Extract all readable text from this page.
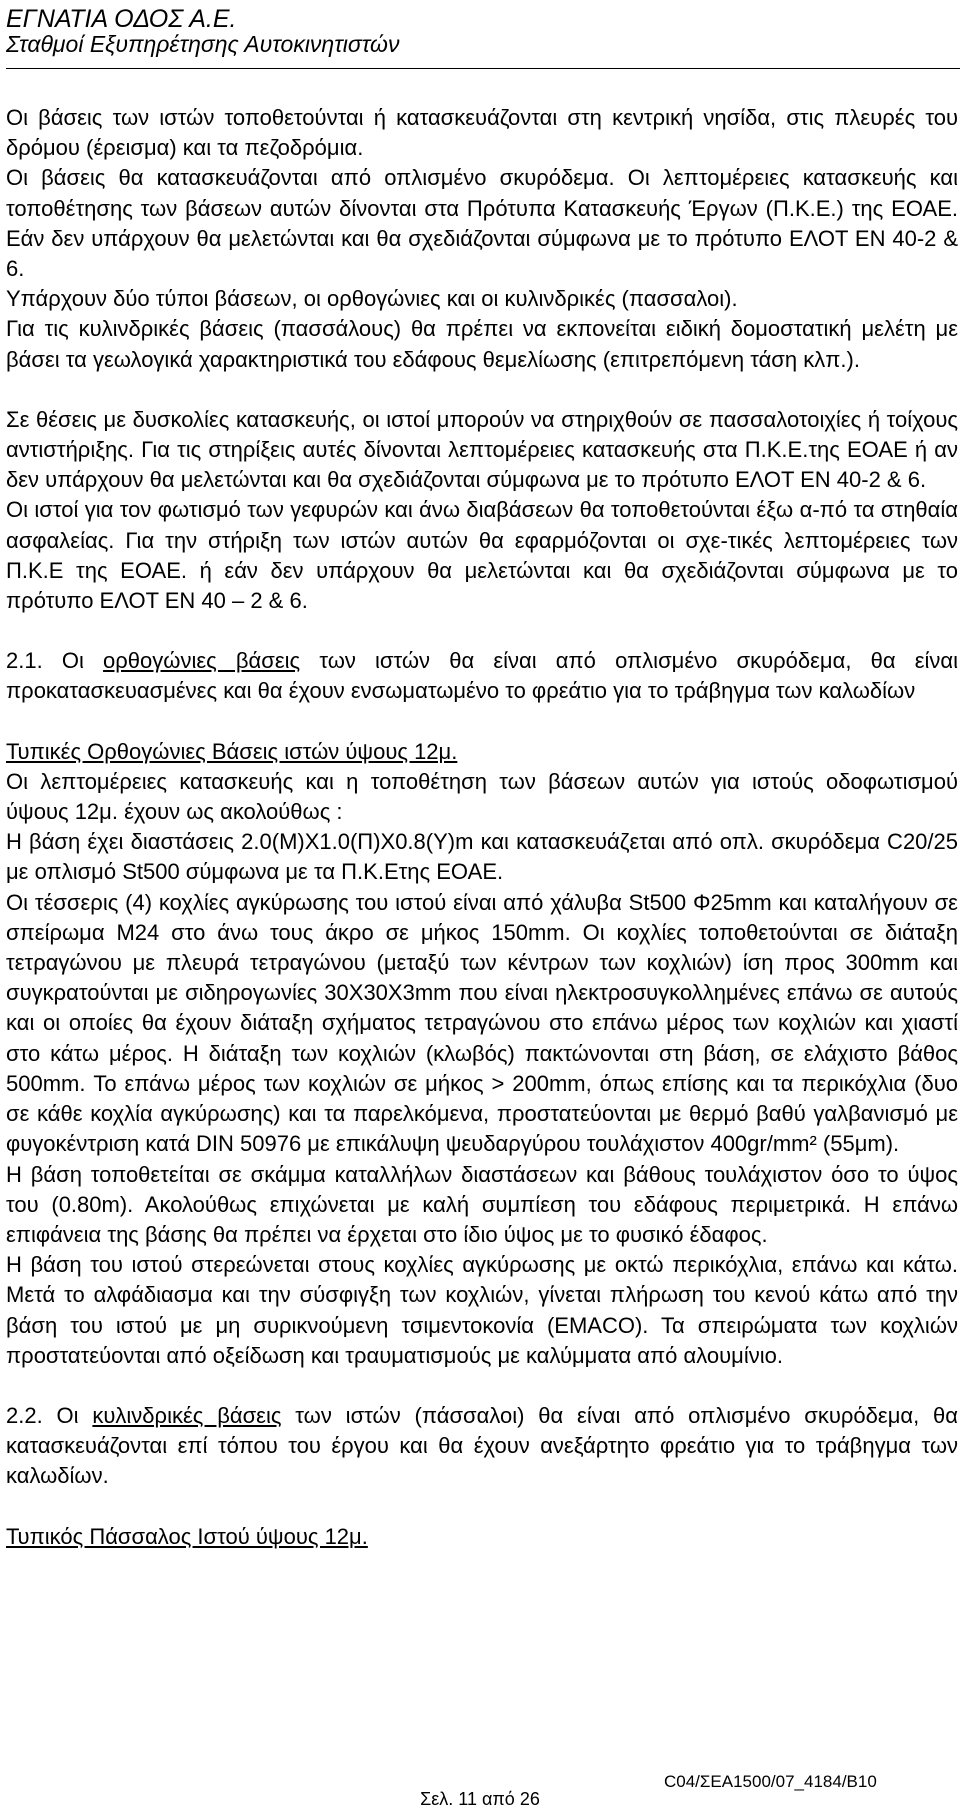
ΕΓΝΑΤΙΑ ΟΔΟΣ Α.Ε.
Σταθμοί Εξυπηρέτησης Αυτοκινητιστών

Οι βάσεις των ιστών τοποθετούνται ή κατασκευάζονται στη κεντρική νησίδα, στις πλευρές του δρόμου (έρεισμα) και τα πεζοδρόμια.

Οι βάσεις θα κατασκευάζονται από οπλισμένο σκυρόδεμα. Οι λεπτομέρειες κατασκευής και τοποθέτησης των βάσεων αυτών δίνονται στα Πρότυπα Κατασκευής Έργων (Π.Κ.Ε.) της ΕΟΑΕ. Εάν δεν υπάρχουν θα μελετώνται και θα σχεδιάζονται σύμφωνα με το πρότυπο ΕΛΟΤ ΕΝ 40-2 & 6.

Υπάρχουν δύο τύποι βάσεων, οι ορθογώνιες και οι κυλινδρικές (πασσαλοι).

Για τις κυλινδρικές βάσεις (πασσάλους) θα πρέπει να εκπονείται ειδική δομοστατική μελέτη με βάσει τα γεωλογικά χαρακτηριστικά του εδάφους θεμελίωσης (επιτρεπόμενη τάση κλπ.).

Σε θέσεις με δυσκολίες κατασκευής, οι ιστοί μπορούν να στηριχθούν σε πασσαλοτοιχίες ή τοίχους αντιστήριξης. Για τις στηρίξεις αυτές δίνονται λεπτομέρειες κατασκευής στα Π.Κ.Ε.της ΕΟΑΕ ή αν δεν υπάρχουν θα μελετώνται και θα σχεδιάζονται σύμφωνα με το πρότυπο ΕΛΟΤ ΕΝ 40-2 & 6.

Οι ιστοί για τον φωτισμό των γεφυρών και άνω διαβάσεων θα τοποθετούνται έξω α-πό τα στηθαία ασφαλείας. Για την στήριξη των ιστών αυτών θα εφαρμόζονται οι σχε-τικές λεπτομέρειες των Π.Κ.Ε της ΕΟΑΕ. ή εάν δεν υπάρχουν θα μελετώνται και θα σχεδιάζονται σύμφωνα με το πρότυπο ΕΛΟΤ ΕΝ 40 – 2 & 6.

2.1. Οι ορθογώνιες βάσεις των ιστών θα είναι από οπλισμένο σκυρόδεμα, θα είναι προκατασκευασμένες και θα έχουν ενσωματωμένο το φρεάτιο για το τράβηγμα των καλωδίων

Τυπικές Ορθογώνιες Βάσεις ιστών ύψους 12μ.

Οι λεπτομέρειες κατασκευής και η τοποθέτηση των βάσεων αυτών για ιστούς οδοφωτισμού ύψους 12μ. έχουν ως ακολούθως :

Η βάση έχει διαστάσεις 2.0(Μ)Χ1.0(Π)Χ0.8(Υ)m και κατασκευάζεται από οπλ. σκυρόδεμα C20/25 με οπλισμό St500 σύμφωνα με τα Π.Κ.Ετης ΕΟΑΕ.

Οι τέσσερις (4) κοχλίες αγκύρωσης του ιστού είναι από χάλυβα St500 Φ25mm και καταλήγουν σε σπείρωμα Μ24 στο άνω τους άκρο σε μήκος 150mm. Οι κοχλίες τοποθετούνται σε διάταξη τετραγώνου με πλευρά τετραγώνου (μεταξύ των κέντρων των κοχλιών) ίση προς 300mm και συγκρατούνται με σιδηρογωνίες 30Χ30Χ3mm που είναι ηλεκτροσυγκολλημένες επάνω σε αυτούς και οι οποίες θα έχουν διάταξη σχήματος τετραγώνου στο επάνω μέρος των κοχλιών και χιαστί στο κάτω μέρος. Η διάταξη των κοχλιών (κλωβός) πακτώνονται στη βάση, σε ελάχιστο βάθος 500mm. Το επάνω μέρος των κοχλιών σε μήκος > 200mm, όπως επίσης και τα περικόχλια (δυο σε κάθε κοχλία αγκύρωσης) και τα παρελκόμενα, προστατεύονται με θερμό βαθύ γαλβανισμό με φυγοκέντριση κατά DIN 50976 με επικάλυψη ψευδαργύρου τουλάχιστον 400gr/mm² (55μm).

Η βάση τοποθετείται σε σκάμμα καταλλήλων διαστάσεων και βάθους τουλάχιστον όσο το ύψος του (0.80m). Ακολούθως επιχώνεται με καλή συμπίεση του εδάφους περιμετρικά. Η επάνω επιφάνεια της βάσης θα πρέπει να έρχεται στο ίδιο ύψος με το φυσικό έδαφος.

Η βάση του ιστού στερεώνεται στους κοχλίες αγκύρωσης με οκτώ περικόχλια, επάνω και κάτω. Μετά το αλφάδιασμα και την σύσφιγξη των κοχλιών, γίνεται πλήρωση του κενού κάτω από την βάση του ιστού με μη συρικνούμενη τσιμεντοκονία (EMACO). Τα σπειρώματα των κοχλιών προστατεύονται από οξείδωση και τραυματισμούς με καλύμματα από αλουμίνιο.

2.2. Οι κυλινδρικές βάσεις των ιστών (πάσσαλοι) θα είναι από οπλισμένο σκυρόδεμα, θα κατασκευάζονται επί τόπου του έργου και θα έχουν ανεξάρτητο φρεάτιο για το τράβηγμα των καλωδίων.

Τυπικός Πάσσαλος Ιστού ύψους 12μ.

C04/ΣΕΑ1500/07_4184/B10
Σελ. 11 από 26
